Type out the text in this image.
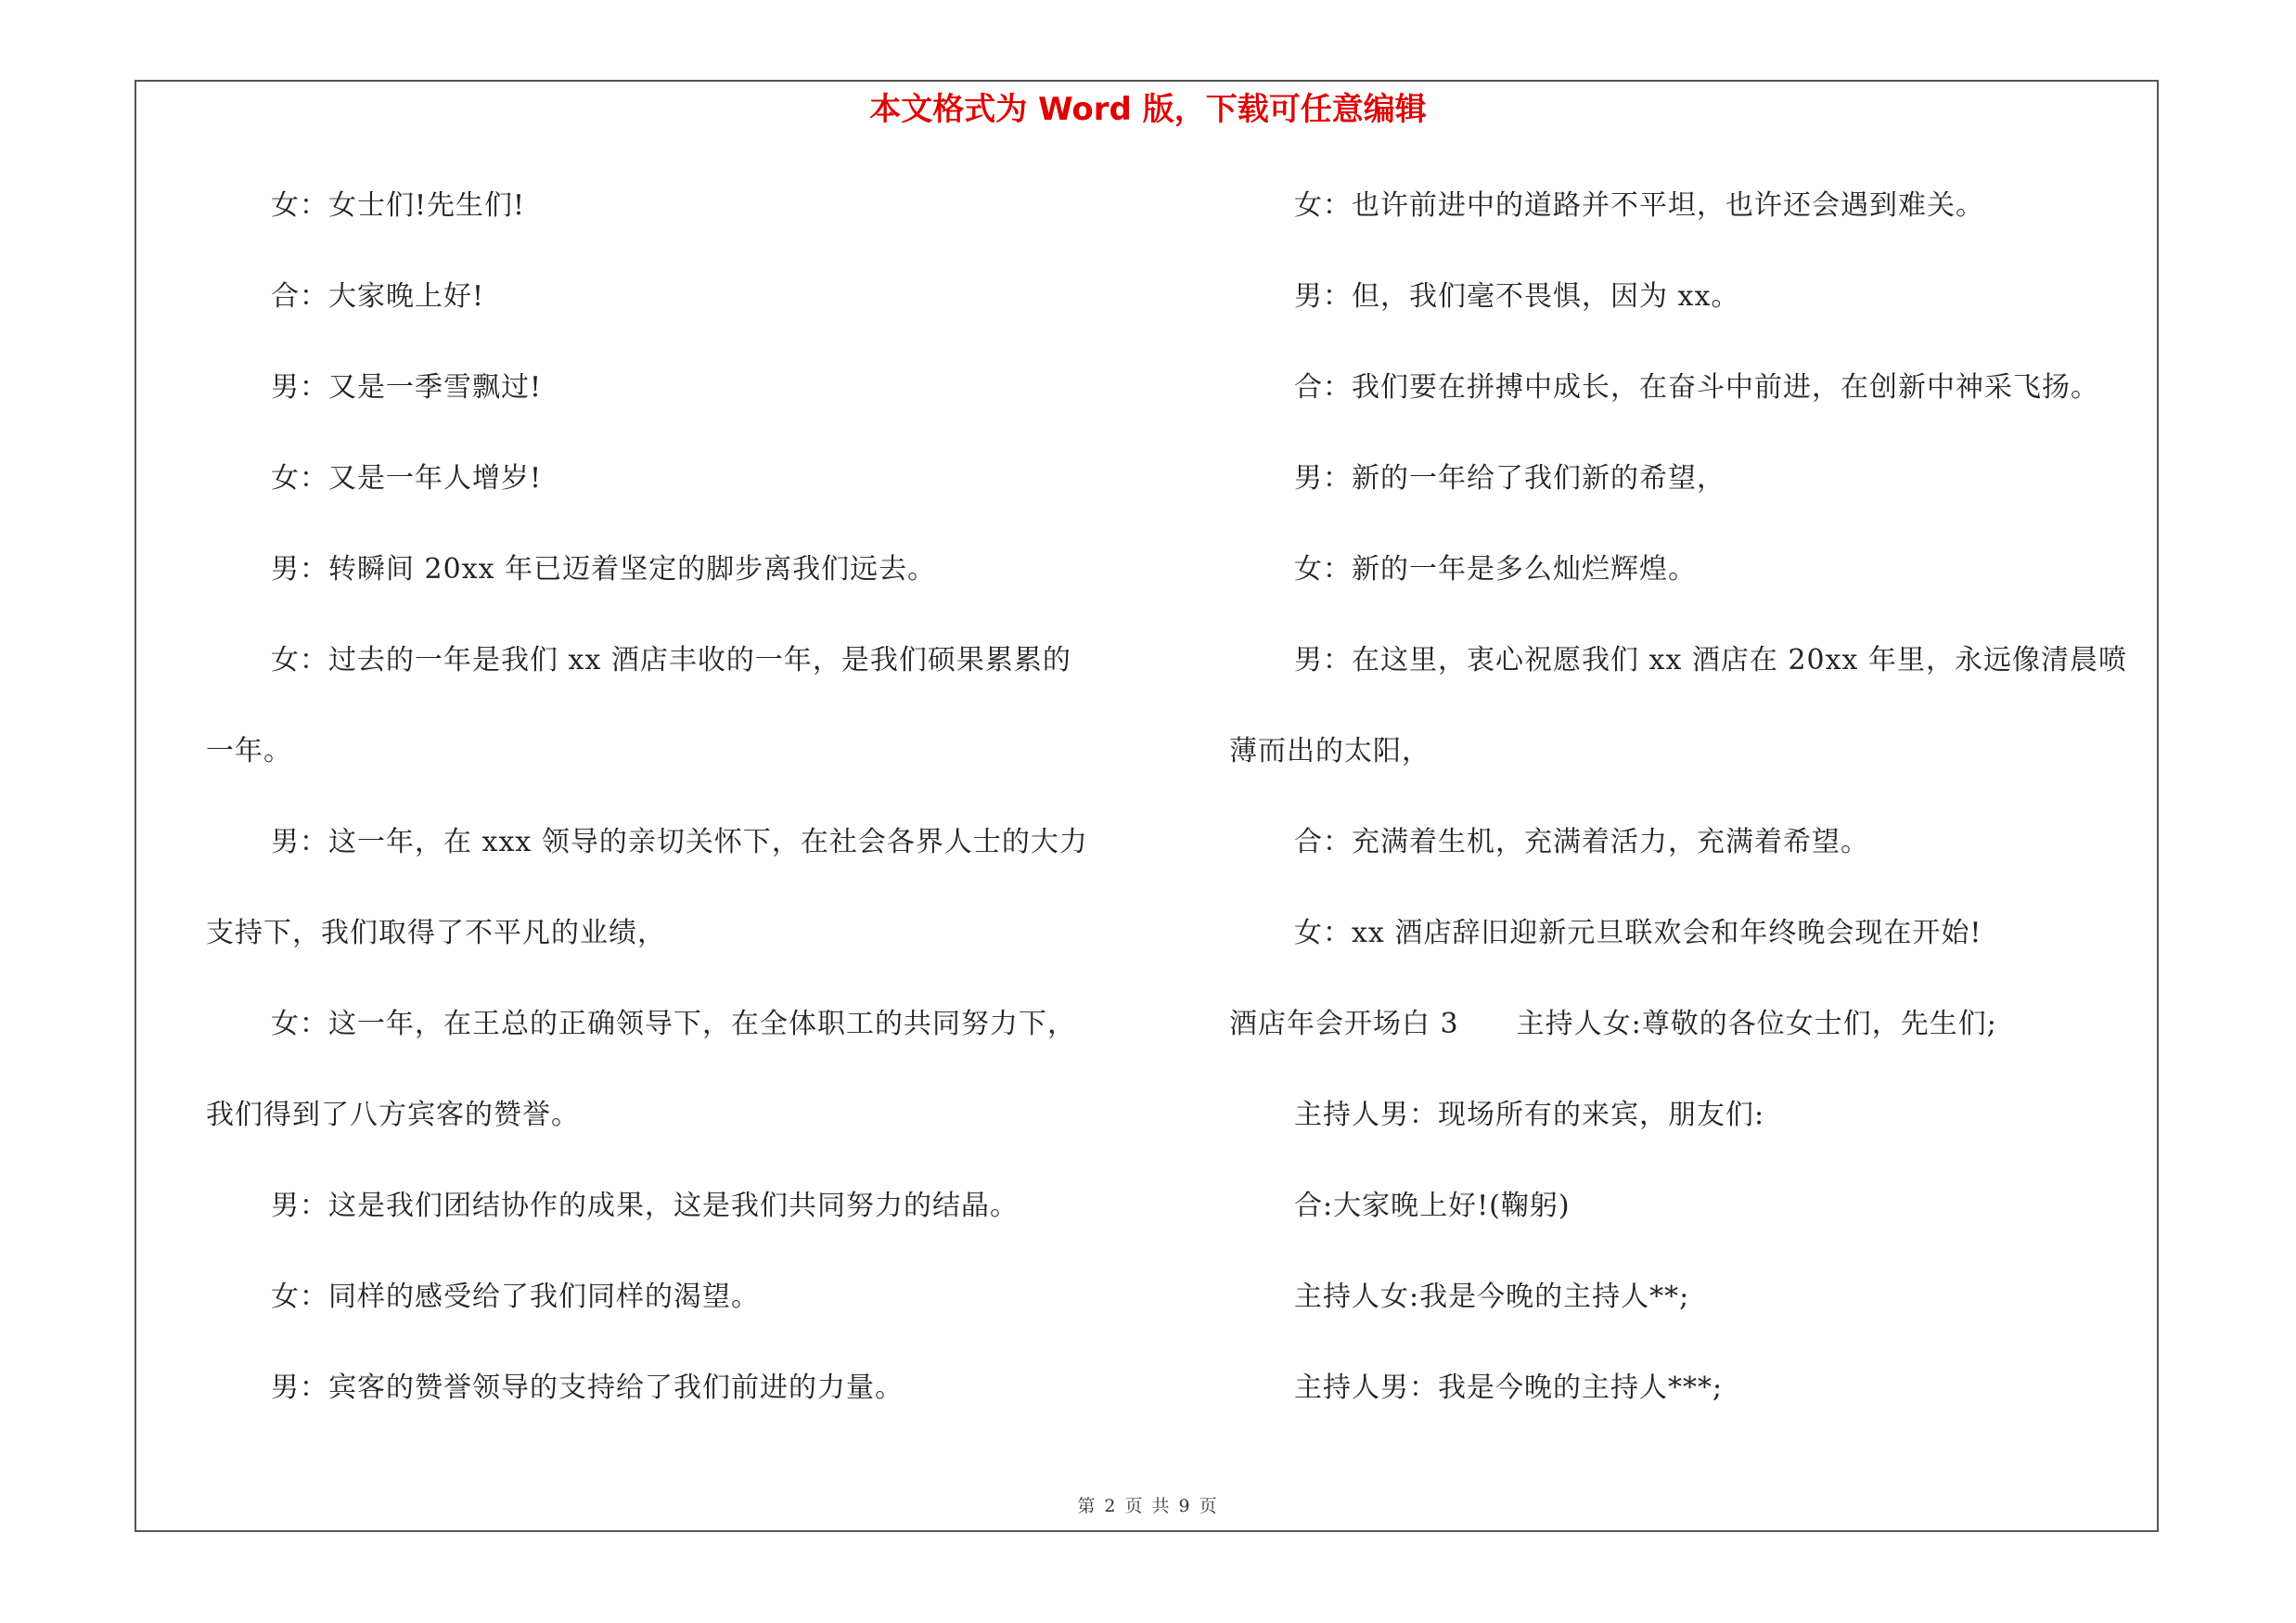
本文格式为 Word 版，下载可任意编辑
女：女士们!先生们!
合：大家晚上好!
男：又是一季雪飘过!
女：又是一年人增岁!
男：转瞬间 20xx 年已迈着坚定的脚步离我们远去。
女：过去的一年是我们 xx 酒店丰收的一年，是我们硕果累累的
一年。
男：这一年，在 xxx 领导的亲切关怀下，在社会各界人士的大力
支持下，我们取得了不平凡的业绩，
女：这一年，在王总的正确领导下，在全体职工的共同努力下，
我们得到了八方宾客的赞誉。
男：这是我们团结协作的成果，这是我们共同努力的结晶。
女：同样的感受给了我们同样的渴望。
男：宾客的赞誉领导的支持给了我们前进的力量。
女：也许前进中的道路并不平坦，也许还会遇到难关。
男：但，我们毫不畏惧，因为 xx。
合：我们要在拼搏中成长，在奋斗中前进，在创新中神采飞扬。
男：新的一年给了我们新的希望，
女：新的一年是多么灿烂辉煌。
男：在这里，衷心祝愿我们 xx 酒店在 20xx 年里，永远像清晨喷
薄而出的太阳，
合：充满着生机，充满着活力，充满着希望。
女：xx 酒店辞旧迎新元旦联欢会和年终晚会现在开始!
酒店年会开场白 3　　主持人女:尊敬的各位女士们，先生们;
主持人男：现场所有的来宾，朋友们:
合:大家晚上好!(鞠躬)
主持人女:我是今晚的主持人**;
主持人男：我是今晚的主持人***;
第 2 页 共 9 页
